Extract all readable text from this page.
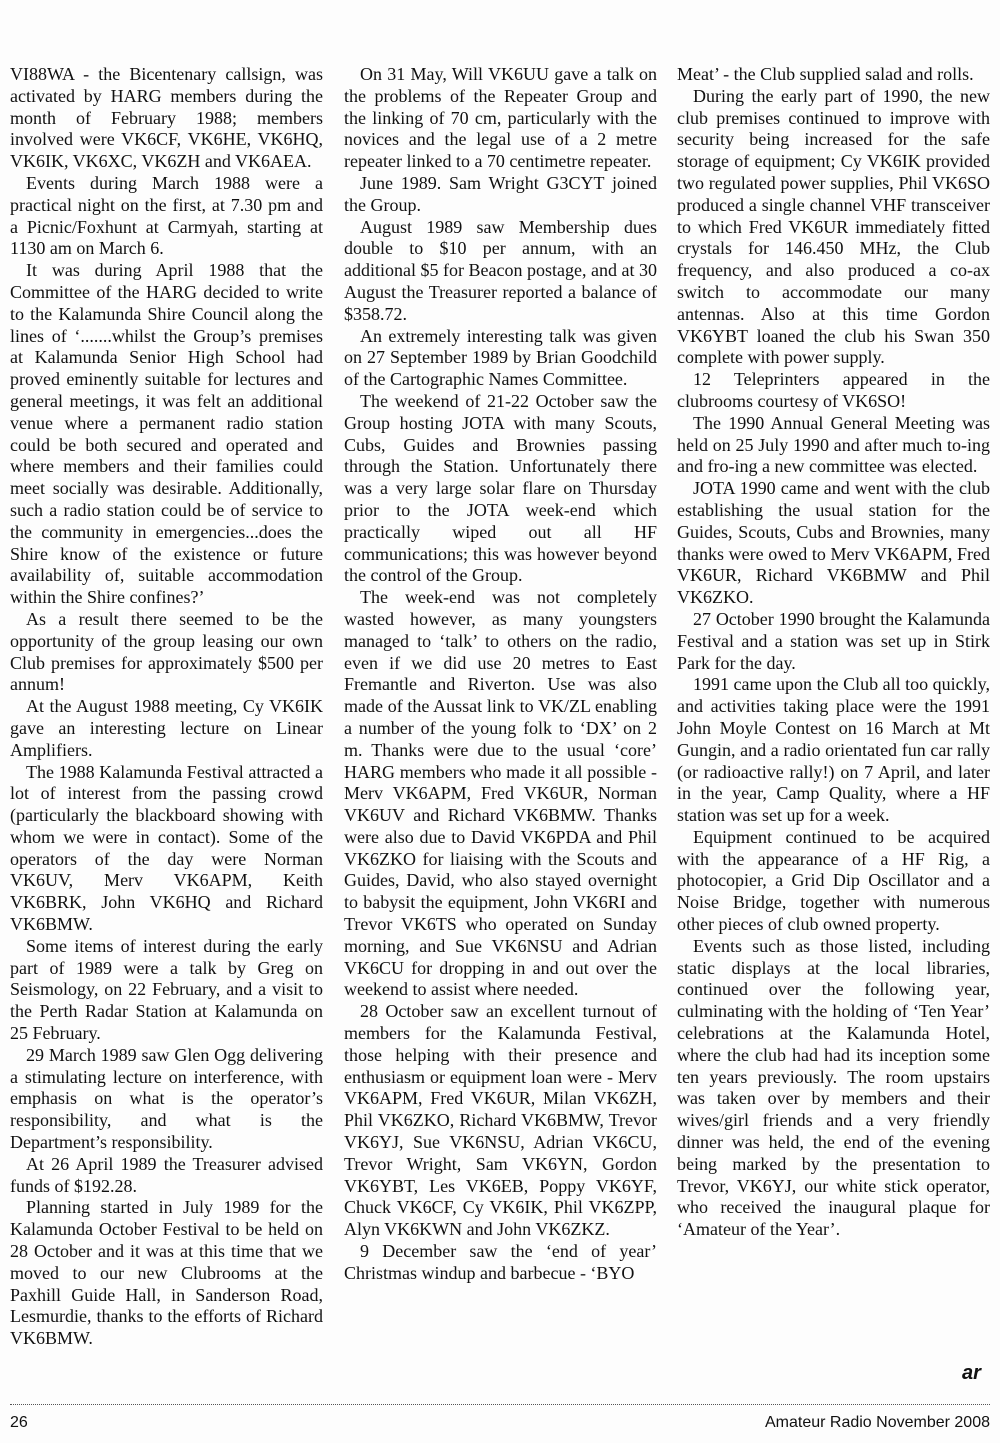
VI88WA - the Bicentenary callsign, was activated by HARG members during the month of February 1988; members involved were VK6CF, VK6HE, VK6HQ, VK6IK, VK6XC, VK6ZH and VK6AEA.

Events during March 1988 were a practical night on the first, at 7.30 pm and a Picnic/Foxhunt at Carmyah, starting at 1130 am on March 6.

It was during April 1988 that the Committee of the HARG decided to write to the Kalamunda Shire Council along the lines of ‘.......whilst the Group’s premises at Kalamunda Senior High School had proved eminently suitable for lectures and general meetings, it was felt an additional venue where a permanent radio station could be both secured and operated and where members and their families could meet socially was desirable. Additionally, such a radio station could be of service to the community in emergencies...does the Shire know of the existence or future availability of, suitable accommodation within the Shire confines?’

As a result there seemed to be the opportunity of the group leasing our own Club premises for approximately $500 per annum!

At the August 1988 meeting, Cy VK6IK gave an interesting lecture on Linear Amplifiers.

The 1988 Kalamunda Festival attracted a lot of interest from the passing crowd (particularly the blackboard showing with whom we were in contact). Some of the operators of the day were Norman VK6UV, Merv VK6APM, Keith VK6BRK, John VK6HQ and Richard VK6BMW.

Some items of interest during the early part of 1989 were a talk by Greg on Seismology, on 22 February, and a visit to the Perth Radar Station at Kalamunda on 25 February.

29 March 1989 saw Glen Ogg delivering a stimulating lecture on interference, with emphasis on what is the operator’s responsibility, and what is the Department’s responsibility.

At 26 April 1989 the Treasurer advised funds of $192.28.

Planning started in July 1989 for the Kalamunda October Festival to be held on 28 October and it was at this time that we moved to our new Clubrooms at the Paxhill Guide Hall, in Sanderson Road, Lesmurdie, thanks to the efforts of Richard VK6BMW.

On 31 May, Will VK6UU gave a talk on the problems of the Repeater Group and the linking of 70 cm, particularly with the novices and the legal use of a 2 metre repeater linked to a 70 centimetre repeater.

June 1989. Sam Wright G3CYT joined the Group.

August 1989 saw Membership dues double to $10 per annum, with an additional $5 for Beacon postage, and at 30 August the Treasurer reported a balance of $358.72.

An extremely interesting talk was given on 27 September 1989 by Brian Goodchild of the Cartographic Names Committee.

The weekend of 21-22 October saw the Group hosting JOTA with many Scouts, Cubs, Guides and Brownies passing through the Station. Unfortunately there was a very large solar flare on Thursday prior to the JOTA week-end which practically wiped out all HF communications; this was however beyond the control of the Group.

The week-end was not completely wasted however, as many youngsters managed to ‘talk’ to others on the radio, even if we did use 20 metres to East Fremantle and Riverton. Use was also made of the Aussat link to VK/ZL enabling a number of the young folk to ‘DX’ on 2 m. Thanks were due to the usual ‘core’ HARG members who made it all possible - Merv VK6APM, Fred VK6UR, Norman VK6UV and Richard VK6BMW. Thanks were also due to David VK6PDA and Phil VK6ZKO for liaising with the Scouts and Guides, David, who also stayed overnight to babysit the equipment, John VK6RI and Trevor VK6TS who operated on Sunday morning, and Sue VK6NSU and Adrian VK6CU for dropping in and out over the weekend to assist where needed.

28 October saw an excellent turnout of members for the Kalamunda Festival, those helping with their presence and enthusiasm or equipment loan were - Merv VK6APM, Fred VK6UR, Milan VK6ZH, Phil VK6ZKO, Richard VK6BMW, Trevor VK6YJ, Sue VK6NSU, Adrian VK6CU, Trevor Wright, Sam VK6YN, Gordon VK6YBT, Les VK6EB, Poppy VK6YF, Chuck VK6CF, Cy VK6IK, Phil VK6ZPP, Alyn VK6KWN and John VK6ZKZ.

9 December saw the ‘end of year’ Christmas windup and barbecue - ‘BYO

Meat’ - the Club supplied salad and rolls.

During the early part of 1990, the new club premises continued to improve with security being increased for the safe storage of equipment; Cy VK6IK provided two regulated power supplies, Phil VK6SO produced a single channel VHF transceiver to which Fred VK6UR immediately fitted crystals for 146.450 MHz, the Club frequency, and also produced a co-ax switch to accommodate our many antennas. Also at this time Gordon VK6YBT loaned the club his Swan 350 complete with power supply.

12 Teleprinters appeared in the clubrooms courtesy of VK6SO!

The 1990 Annual General Meeting was held on 25 July 1990 and after much to-ing and fro-ing a new committee was elected.

JOTA 1990 came and went with the club establishing the usual station for the Guides, Scouts, Cubs and Brownies, many thanks were owed to Merv VK6APM, Fred VK6UR, Richard VK6BMW and Phil VK6ZKO.

27 October 1990 brought the Kalamunda Festival and a station was set up in Stirk Park for the day.

1991 came upon the Club all too quickly, and activities taking place were the 1991 John Moyle Contest on 16 March at Mt Gungin, and a radio orientated fun car rally (or radioactive rally!) on 7 April, and later in the year, Camp Quality, where a HF station was set up for a week.

Equipment continued to be acquired with the appearance of a HF Rig, a photocopier, a Grid Dip Oscillator and a Noise Bridge, together with numerous other pieces of club owned property.

Events such as those listed, including static displays at the local libraries, continued over the following year, culminating with the holding of ‘Ten Year’ celebrations at the Kalamunda Hotel, where the club had had its inception some ten years previously. The room upstairs was taken over by members and their wives/girl friends and a very friendly dinner was held, the end of the evening being marked by the presentation to Trevor, VK6YJ, our white stick operator, who received the inaugural plaque for ‘Amateur of the Year’.

ar
26	Amateur Radio November 2008
